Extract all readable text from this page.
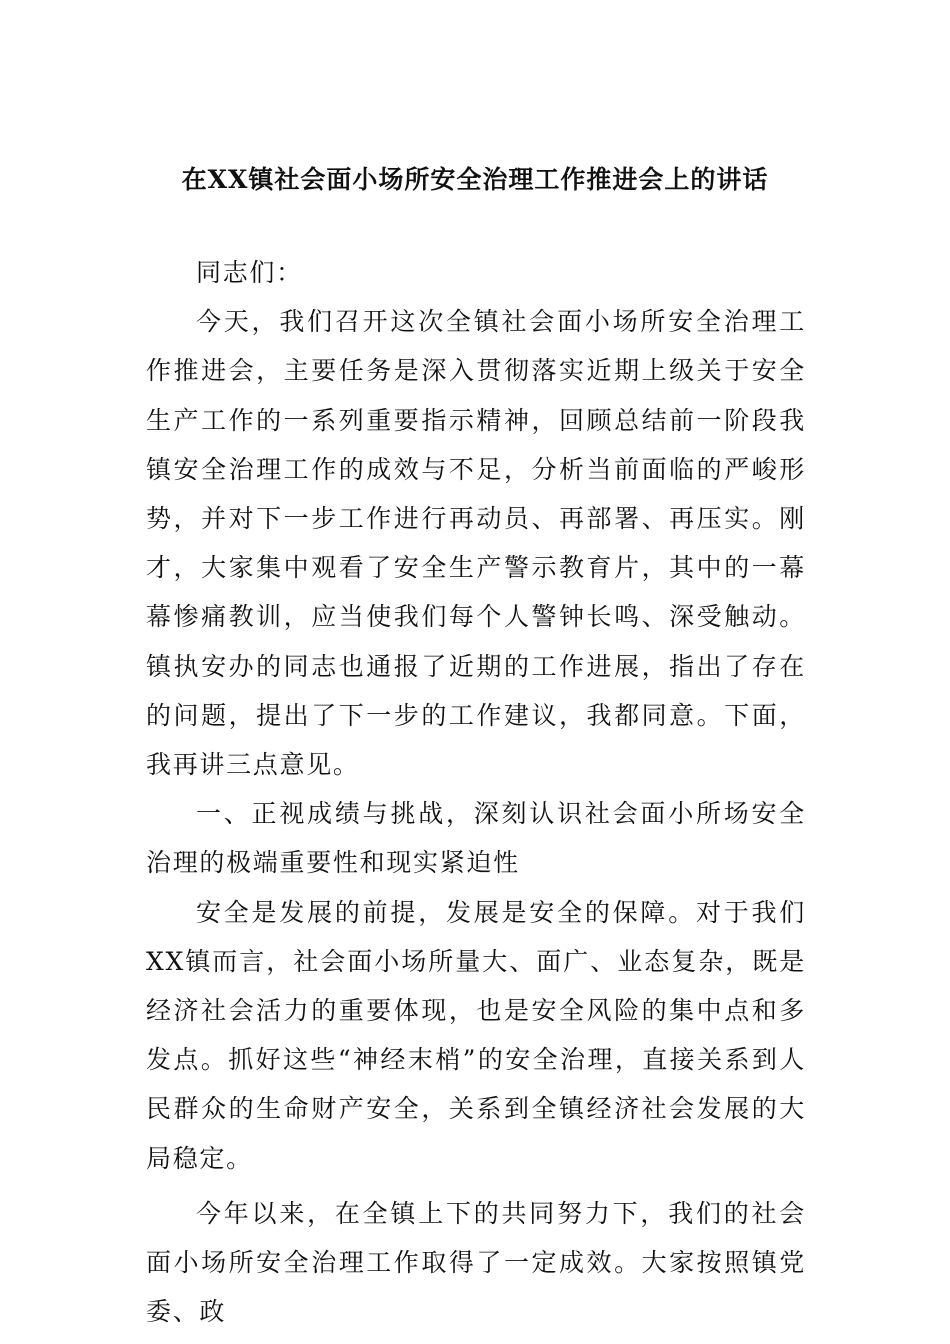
在XX镇社会面小场所安全治理工作推进会上的讲话

同志们：

今天，我们召开这次全镇社会面小场所安全治理工作推进会，主要任务是深入贯彻落实近期上级关于安全生产工作的一系列重要指示精神，回顾总结前一阶段我镇安全治理工作的成效与不足，分析当前面临的严峻形势，并对下一步工作进行再动员、再部署、再压实。刚才，大家集中观看了安全生产警示教育片，其中的一幕幕惨痛教训，应当使我们每个人警钟长鸣、深受触动。镇执安办的同志也通报了近期的工作进展，指出了存在的问题，提出了下一步的工作建议，我都同意。下面，我再讲三点意见。

一、正视成绩与挑战，深刻认识社会面小所场安全治理的极端重要性和现实紧迫性

安全是发展的前提，发展是安全的保障。对于我们XX镇而言，社会面小场所量大、面广、业态复杂，既是经济社会活力的重要体现，也是安全风险的集中点和多发点。抓好这些“神经末梢”的安全治理，直接关系到人民群众的生命财产安全，关系到全镇经济社会发展的大局稳定。

今年以来，在全镇上下的共同努力下，我们的社会面小场所安全治理工作取得了一定成效。大家按照镇党委、政
